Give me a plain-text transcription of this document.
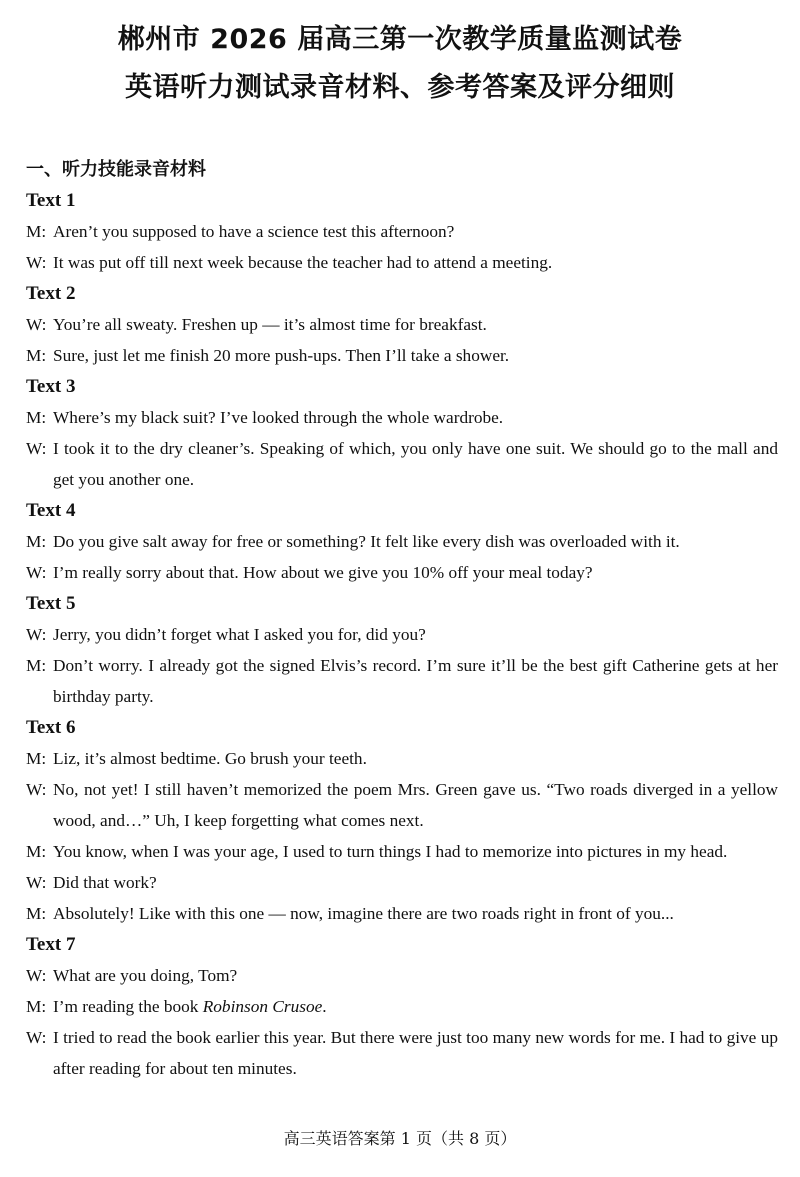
郴州市 2026 届高三第一次教学质量监测试卷
英语听力测试录音材料、参考答案及评分细则
一、听力技能录音材料
Text 1
M: Aren’t you supposed to have a science test this afternoon?
W: It was put off till next week because the teacher had to attend a meeting.
Text 2
W: You’re all sweaty. Freshen up — it’s almost time for breakfast.
M: Sure, just let me finish 20 more push-ups. Then I’ll take a shower.
Text 3
M: Where’s my black suit? I’ve looked through the whole wardrobe.
W: I took it to the dry cleaner’s. Speaking of which, you only have one suit. We should go to the mall and get you another one.
Text 4
M: Do you give salt away for free or something? It felt like every dish was overloaded with it.
W: I’m really sorry about that. How about we give you 10% off your meal today?
Text 5
W: Jerry, you didn’t forget what I asked you for, did you?
M: Don’t worry. I already got the signed Elvis’s record. I’m sure it’ll be the best gift Catherine gets at her birthday party.
Text 6
M: Liz, it’s almost bedtime. Go brush your teeth.
W: No, not yet! I still haven’t memorized the poem Mrs. Green gave us. “Two roads diverged in a yellow wood, and…” Uh, I keep forgetting what comes next.
M: You know, when I was your age, I used to turn things I had to memorize into pictures in my head.
W: Did that work?
M: Absolutely! Like with this one — now, imagine there are two roads right in front of you...
Text 7
W: What are you doing, Tom?
M: I’m reading the book Robinson Crusoe.
W: I tried to read the book earlier this year. But there were just too many new words for me. I had to give up after reading for about ten minutes.
高三英语答案第 1 页（共 8 页）
